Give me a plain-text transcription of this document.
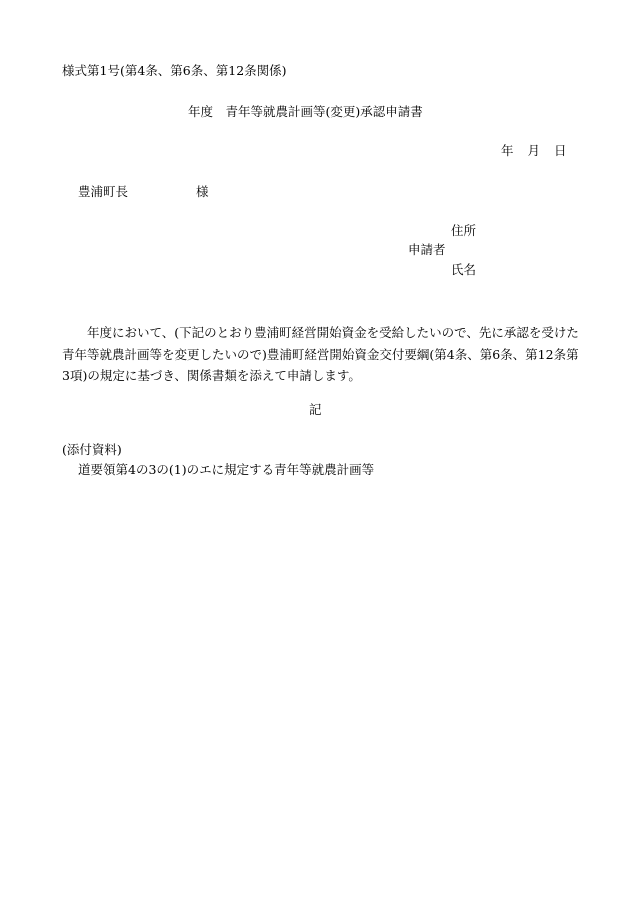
様式第1号(第4条、第6条、第12条関係)
年度　青年等就農計画等(変更)承認申請書
年 月 日
豊浦町長	様
住所
申請者
氏名
年度において、(下記のとおり豊浦町経営開始資金を受給したいので、先に承認を受けた青年等就農計画等を変更したいので)豊浦町経営開始資金交付要綱(第4条、第6条、第12条第3項)の規定に基づき、関係書類を添えて申請します。
記
(添付資料)
道要領第4の3の(1)のエに規定する青年等就農計画等
